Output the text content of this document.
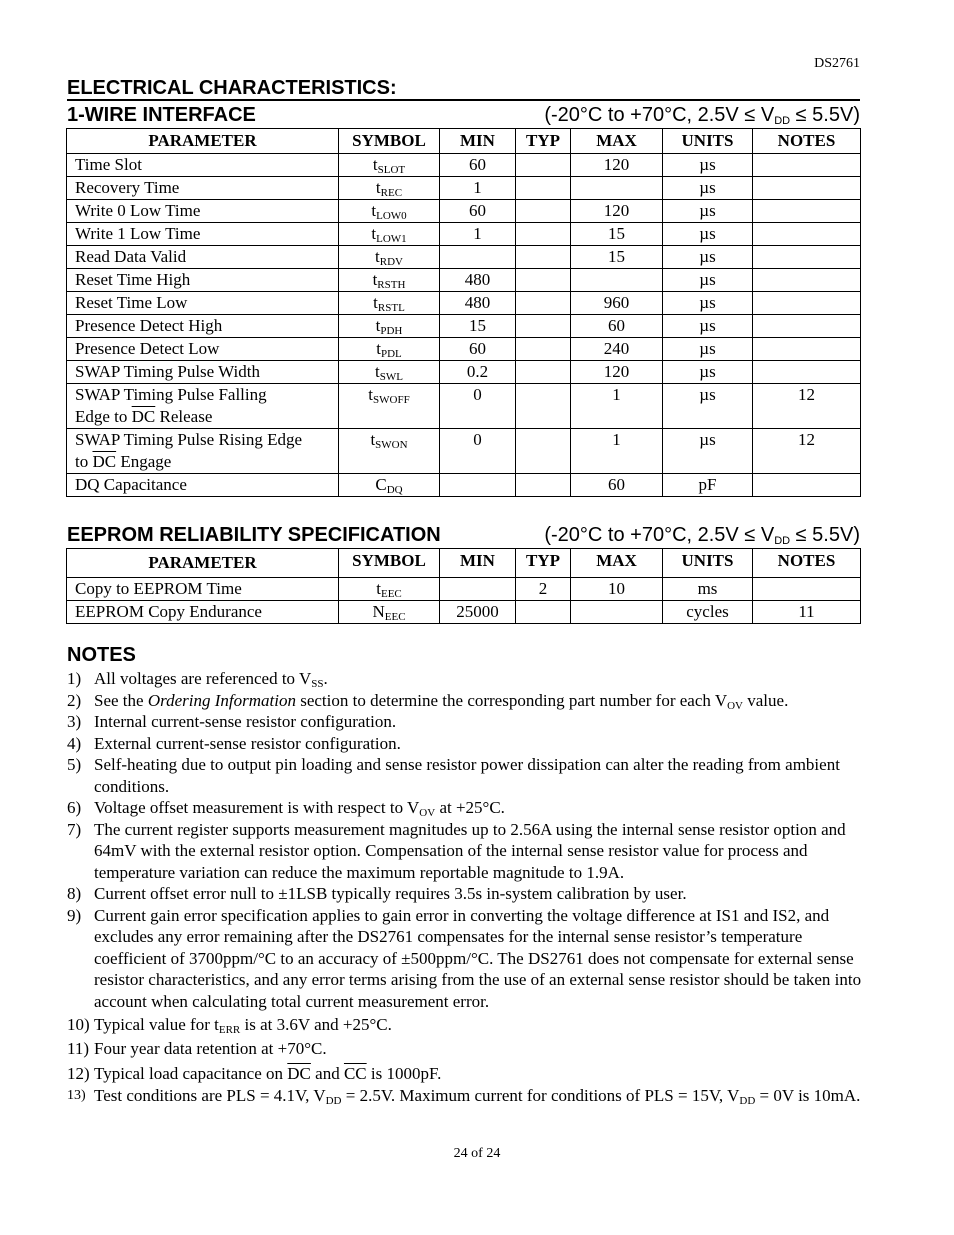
DS2761
ELECTRICAL CHARACTERISTICS:
1-WIRE INTERFACE	(-20°C to +70°C, $2.5V \le V_{DD} \le 5.5V$)
PARAMETER	SYMBOL	MIN	TYP	MAX	UNITS	NOTES
Time Slot	$t_{SLOT}$	60		120	µs	
Recovery Time	$t_{REC}$	1			µs	
Write 0 Low Time	$t_{LOW0}$	60		120	µs	
Write 1 Low Time	$t_{LOW1}$	1		15	µs	
Read Data Valid	$t_{RDV}$			15	µs	
Reset Time High	$t_{RSTH}$	480			µs	
Reset Time Low	$t_{RSTL}$	480		960	µs	
Presence Detect High	$t_{PDH}$	15		60	µs	
Presence Detect Low	$t_{PDL}$	60		240	µs	
SWAP Timing Pulse Width	$t_{SWL}$	0.2		120	µs	
SWAP Timing Pulse Falling
Edge to $\overline{DC}$ Release	$t_{SWOFF}$	0		1	µs	12
SWAP Timing Pulse Rising Edge
to $\overline{DC}$ Engage	$t_{SWON}$	0		1	µs	12
DQ Capacitance	$C_{DQ}$			60	pF	
EEPROM RELIABILITY SPECIFICATION	(-20°C to +70°C, $2.5V \le V_{DD} \le 5.5V$)
PARAMETER	SYMBOL	MIN	TYP	MAX	UNITS	NOTES
Copy to EEPROM Time	$t_{EEC}$		2	10	ms	
EEPROM Copy Endurance	$N_{EEC}$	25000			cycles	11
NOTES
1) All voltages are referenced to $V_{SS}$.
2) See the Ordering Information section to determine the corresponding part number for each $V_{OV}$ value.
3) Internal current-sense resistor configuration.
4) External current-sense resistor configuration.
5) Self-heating due to output pin loading and sense resistor power dissipation can alter the reading from ambient conditions.
6) Voltage offset measurement is with respect to $V_{OV}$ at +25°C.
7) The current register supports measurement magnitudes up to 2.56A using the internal sense resistor option and 64mV with the external resistor option. Compensation of the internal sense resistor value for process and temperature variation can reduce the maximum reportable magnitude to 1.9A.
8) Current offset error null to ±1LSB typically requires 3.5s in-system calibration by user.
9) Current gain error specification applies to gain error in converting the voltage difference at IS1 and IS2, and excludes any error remaining after the DS2761 compensates for the internal sense resistor’s temperature coefficient of 3700ppm/°C to an accuracy of ±500ppm/°C. The DS2761 does not compensate for external sense resistor characteristics, and any error terms arising from the use of an external sense resistor should be taken into account when calculating total current measurement error.
10) Typical value for $t_{ERR}$ is at 3.6V and +25°C.
11) Four year data retention at +70°C.
12) Typical load capacitance on $\overline{DC}$ and $\overline{CC}$ is 1000pF.
13) Test conditions are PLS = 4.1V, $V_{DD} = 2.5V$. Maximum current for conditions of PLS = 15V, $V_{DD} = 0V$ is 10mA.
24 of 24
